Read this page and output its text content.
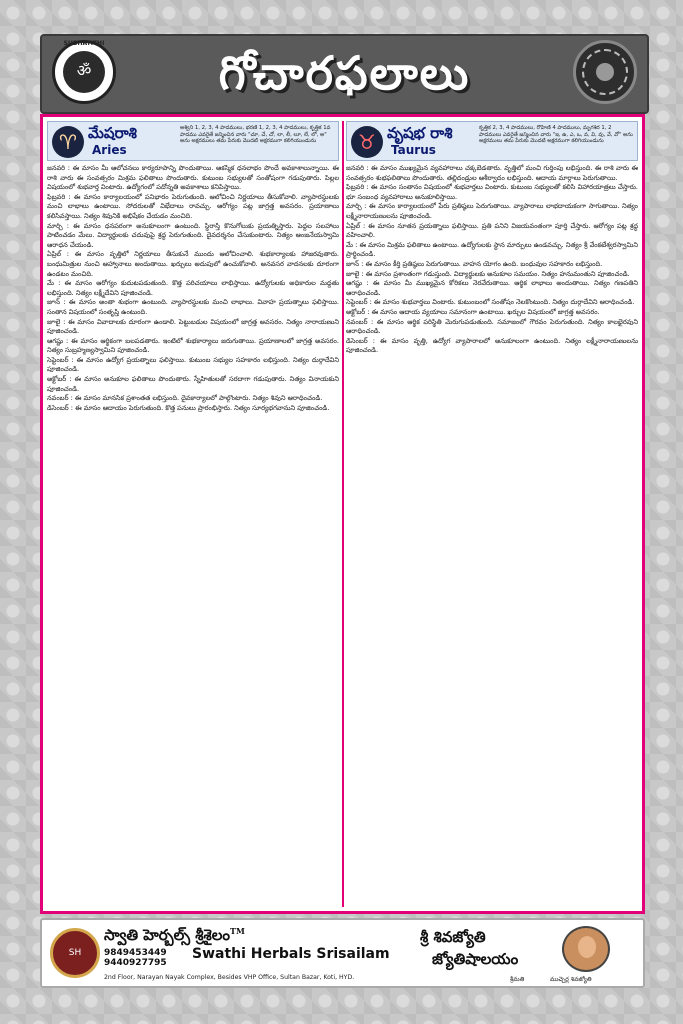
SUBHATITHI
ॐ	గోచారఫలాలు
♈ మేషరాశి
Aries
అశ్విని 1, 2, 3, 4 పాదములు, భరణి 1, 2, 3, 4 పాదములు, కృత్తిక 1వ పాదము ఎవరైతే జన్మించిన వారు "చూ, చే, చో, లా, లీ, లూ, లే, లో, అ" అను అక్షరములు తమ పేరుకు మొదటి అక్షరముగా కలిగియుండును

జనవరి : ఈ మాసం మీ ఆలోచనలు కార్యరూపాన్ని పొందుతాయి. ఆకస్మిక ధనలాభం పొందే అవకాశాలున్నాయి. ఈ రాశి వారు ఈ సంవత్సరం మిశ్రమ ఫలితాలు పొందుతారు. కుటుంబ సభ్యులతో సంతోషంగా గడుపుతారు. పిల్లల విషయంలో శుభవార్త వింటారు. ఉద్యోగంలో పదోన్నతి అవకాశాలు కనిపిస్తాయి.

ఫిబ్రవరి : ఈ మాసం కార్యాలయంలో పనిభారం పెరుగుతుంది. ఆలోచించి నిర్ణయాలు తీసుకోవాలి. వ్యాపారస్థులకు మంచి లాభాలు ఉంటాయి. సోదరులతో విభేదాలు రావచ్చు. ఆరోగ్యం పట్ల జాగ్రత్త అవసరం. ప్రయాణాలు కలిసివస్తాయి. నిత్యం శివునికి అభిషేకం చేయడం మంచిది.

మార్చి : ఈ మాసం ధనపరంగా అనుకూలంగా ఉంటుంది. స్థిరాస్తి కొనుగోలుకు ప్రయత్నిస్తారు. పెద్దల సలహాలు పాటించడం మేలు. విద్యార్థులకు చదువుపై శ్రద్ధ పెరుగుతుంది. దైవదర్శనం చేసుకుంటారు. నిత్యం ఆంజనేయస్వామి ఆరాధన చేయండి.

ఏప్రిల్ : ఈ మాసం వృత్తిలో నిర్ణయాలు తీసుకునే ముందు ఆలోచించాలి. శుభకార్యాలకు హాజరవుతారు. బంధుమిత్రుల నుంచి ఆహ్వానాలు అందుతాయి. ఖర్చులు అదుపులో ఉంచుకోవాలి. అనవసర వాదనలకు దూరంగా ఉండటం మంచిది.

మే : ఈ మాసం ఆరోగ్యం కుదుటపడుతుంది. కొత్త పరిచయాలు లాభిస్తాయి. ఉద్యోగులకు అధికారుల మద్దతు లభిస్తుంది. నిత్యం లక్ష్మీదేవిని పూజించండి.

జూన్ : ఈ మాసం అంతా శుభంగా ఉంటుంది. వ్యాపారస్థులకు మంచి లాభాలు. వివాహ ప్రయత్నాలు ఫలిస్తాయి. సంతాన విషయంలో సంతృప్తి ఉంటుంది.

జూలై : ఈ మాసం వివాదాలకు దూరంగా ఉండాలి. పెట్టుబడుల విషయంలో జాగ్రత్త అవసరం. నిత్యం నారాయణుని పూజించండి.

ఆగష్టు : ఈ మాసం ఆర్థికంగా బలపడతారు. ఇంటిలో శుభకార్యాలు జరుగుతాయి. ప్రయాణాలలో జాగ్రత్త అవసరం. నిత్యం సుబ్రహ్మణ్యస్వామిని పూజించండి.

సెప్టెంబర్ : ఈ మాసం ఉద్యోగ ప్రయత్నాలు ఫలిస్తాయి. కుటుంబ సభ్యుల సహకారం లభిస్తుంది. నిత్యం దుర్గాదేవిని పూజించండి.

అక్టోబర్ : ఈ మాసం అనుకూల ఫలితాలు పొందుతారు. స్నేహితులతో సరదాగా గడుపుతారు. నిత్యం వినాయకుని పూజించండి.

నవంబర్ : ఈ మాసం మానసిక ప్రశాంతత లభిస్తుంది. దైవకార్యాలలో పాల్గొంటారు. నిత్యం శివుని ఆరాధించండి.

డిసెంబర్ : ఈ మాసం ఆదాయం పెరుగుతుంది. కొత్త పనులు ప్రారంభిస్తారు. నిత్యం సూర్యభగవానుని పూజించండి.

♉ వృషభ రాశి
Taurus
కృత్తిక 2, 3, 4 పాదములు, రోహిణి 4 పాదములు, మృగశిర 1, 2 పాదములు ఎవరైతే జన్మించిన వారు "ఇ, ఉ, ఎ, ఒ, వ, వి, వు, వే, వో" అను అక్షరములు తమ పేరుకు మొదటి అక్షరముగా కలిగియుండును

జనవరి : ఈ మాసం ముఖ్యమైన వ్యవహారాలు చక్కబెడతారు. వృత్తిలో మంచి గుర్తింపు లభిస్తుంది. ఈ రాశి వారు ఈ సంవత్సరం శుభఫలితాలు పొందుతారు. తల్లిదండ్రుల ఆశీర్వాదం లభిస్తుంది. ఆదాయ మార్గాలు పెరుగుతాయి.

ఫిబ్రవరి : ఈ మాసం సంతానం విషయంలో శుభవార్తలు వింటారు. కుటుంబ సభ్యులతో కలిసి విహారయాత్రలు చేస్తారు. భూ సంబంధ వ్యవహారాలు అనుకూలిస్తాయి.

మార్చి : ఈ మాసం కార్యాలయంలో పేరు ప్రతిష్ఠలు పెరుగుతాయి. వ్యాపారాలు లాభదాయకంగా సాగుతాయి. నిత్యం లక్ష్మీనారాయణులను పూజించండి.

ఏప్రిల్ : ఈ మాసం నూతన ప్రయత్నాలు ఫలిస్తాయి. ప్రతి పనిని విజయవంతంగా పూర్తి చేస్తారు. ఆరోగ్యం పట్ల శ్రద్ధ వహించాలి.

మే : ఈ మాసం మిశ్రమ ఫలితాలు ఉంటాయి. ఉద్యోగులకు స్థాన మార్పులు ఉండవచ్చు. నిత్యం శ్రీ వేంకటేశ్వరస్వామిని ప్రార్థించండి.

జూన్ : ఈ మాసం కీర్తి ప్రతిష్ఠలు పెరుగుతాయి. వాహన యోగం ఉంది. బంధువుల సహకారం లభిస్తుంది.

జూలై : ఈ మాసం ప్రశాంతంగా గడుస్తుంది. విద్యార్థులకు అనుకూల సమయం. నిత్యం హనుమంతుని పూజించండి.

ఆగష్టు : ఈ మాసం మీ ముఖ్యమైన కోరికలు నెరవేరుతాయి. ఆర్థిక లాభాలు అందుతాయి. నిత్యం గణపతిని ఆరాధించండి.

సెప్టెంబర్ : ఈ మాసం శుభవార్తలు వింటారు. కుటుంబంలో సంతోషం నెలకొంటుంది. నిత్యం దుర్గాదేవిని ఆరాధించండి.

అక్టోబర్ : ఈ మాసం ఆదాయ వ్యయాలు సమానంగా ఉంటాయి. ఖర్చుల విషయంలో జాగ్రత్త అవసరం.

నవంబర్ : ఈ మాసం ఆర్థిక పరిస్థితి మెరుగుపడుతుంది. సమాజంలో గౌరవం పెరుగుతుంది. నిత్యం కాలభైరవుని ఆరాధించండి.

డిసెంబర్ : ఈ మాసం వృత్తి, ఉద్యోగ వ్యాపారాలలో అనుకూలంగా ఉంటుంది. నిత్యం లక్ష్మీనారాయణులను పూజించండి.

SH
స్వాతి హెర్బల్స్ శ్రీశైలం™
9849453449
9440927795
Swathi Herbals Srisailam
2nd Floor, Narayan Nayak Complex, Besides VHP Office, Sultan Bazar, Koti, HYD.
శ్రీ శివజ్యోతి
జ్యోతిషాలయం
శ్రీమతి	ముచ్చెర్ల శివజ్యోతి
